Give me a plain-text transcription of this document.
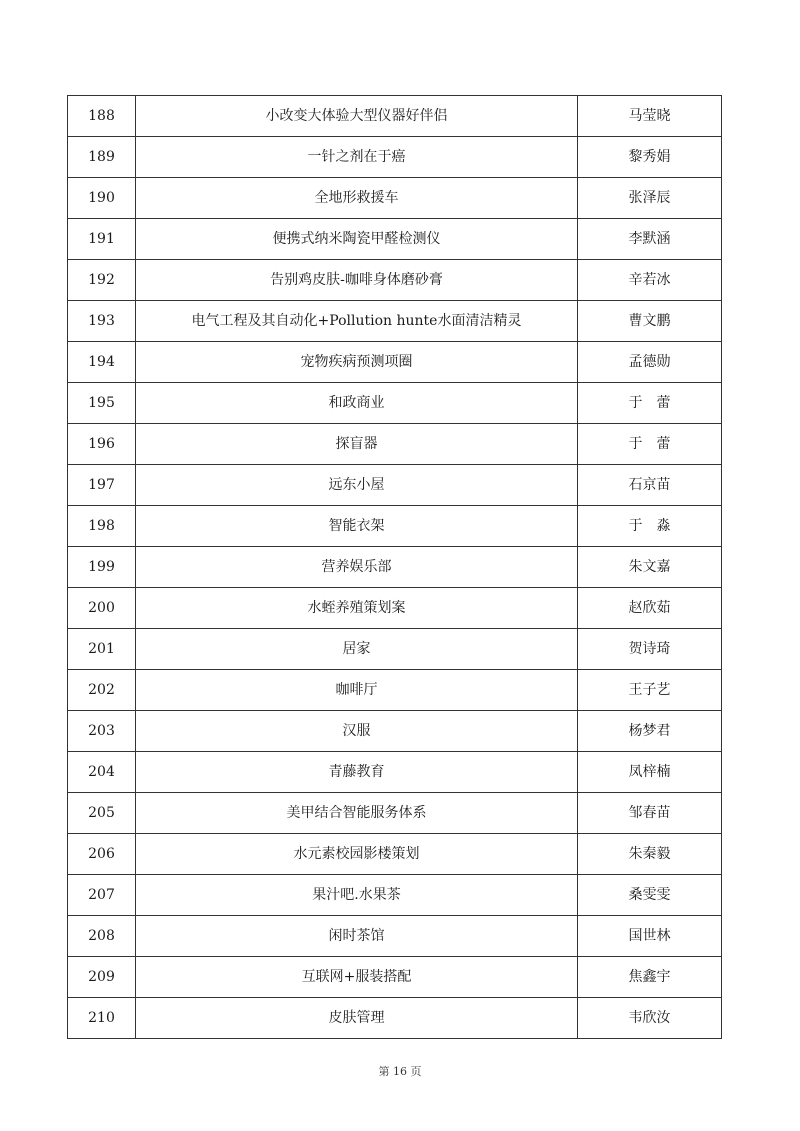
188	小改变大体验大型仪器好伴侣	马莹晓
189	一针之剂在于癌	黎秀娟
190	全地形救援车	张泽辰
191	便携式纳米陶瓷甲醛检测仪	李默涵
192	告别鸡皮肤-咖啡身体磨砂膏	辛若冰
193	电气工程及其自动化+Pollution hunte水面清洁精灵	曹文鹏
194	宠物疾病预测项圈	孟德勋
195	和政商业	于　蕾
196	探盲器	于　蕾
197	远东小屋	石京苗
198	智能衣架	于　淼
199	营养娱乐部	朱文嘉
200	水蛭养殖策划案	赵欣茹
201	居家	贺诗琦
202	咖啡厅	王子艺
203	汉服	杨梦君
204	青藤教育	凤梓楠
205	美甲结合智能服务体系	邹春苗
206	水元素校园影楼策划	朱秦毅
207	果汁吧.水果茶	桑雯雯
208	闲时茶馆	国世林
209	互联网+服装搭配	焦鑫宇
210	皮肤管理	韦欣汝
第 16 页
